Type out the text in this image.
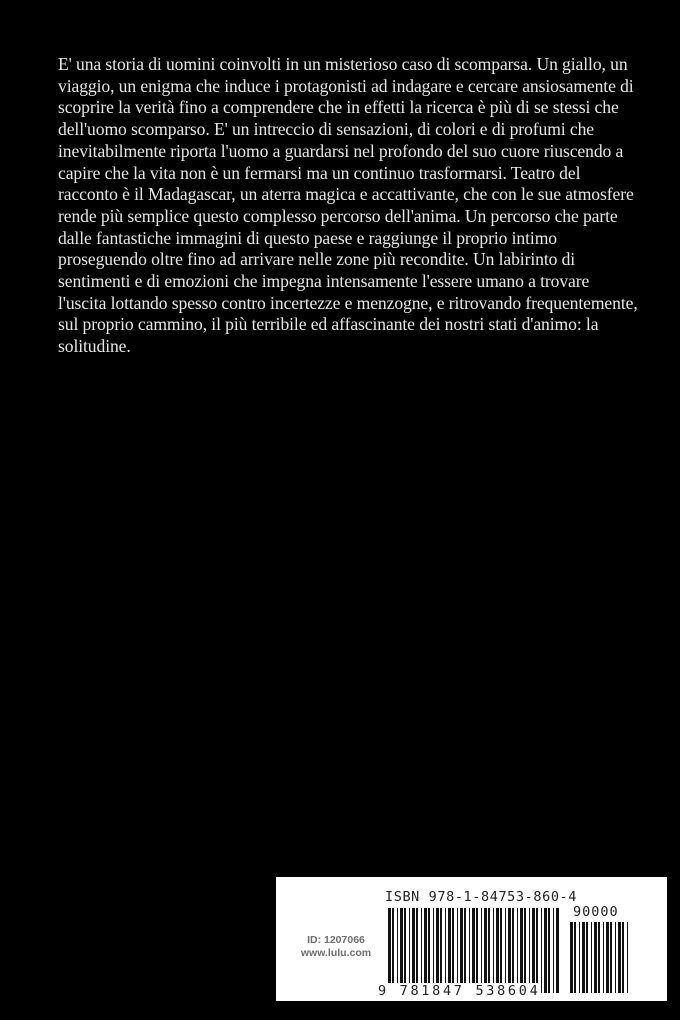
E' una storia di uomini coinvolti in un misterioso caso di scomparsa. Un giallo, un viaggio, un enigma che induce i protagonisti ad indagare e cercare ansiosamente di scoprire la verità fino a comprendere che in effetti la ricerca è più di se stessi che dell'uomo scomparso. E' un intreccio di sensazioni, di colori e di profumi che inevitabilmente riporta l'uomo a guardarsi nel profondo del suo cuore riuscendo a capire che la vita non è un fermarsi ma un continuo trasformarsi. Teatro del racconto è il Madagascar, un aterra magica e accattivante, che con le sue atmosfere rende più semplice questo complesso percorso dell'anima. Un percorso che parte dalle fantastiche immagini di questo paese e raggiunge il proprio intimo proseguendo oltre fino ad arrivare nelle zone più recondite. Un labirinto di sentimenti e di emozioni che impegna intensamente l'essere umano a trovare l'uscita lottando spesso contro incertezze e menzogne, e ritrovando frequentemente, sul proprio cammino, il più terribile ed affascinante dei nostri stati d'animo: la solitudine.

ID: 1207066
www.lulu.com
ISBN 978-1-84753-860-4
90000
9 781847 538604
